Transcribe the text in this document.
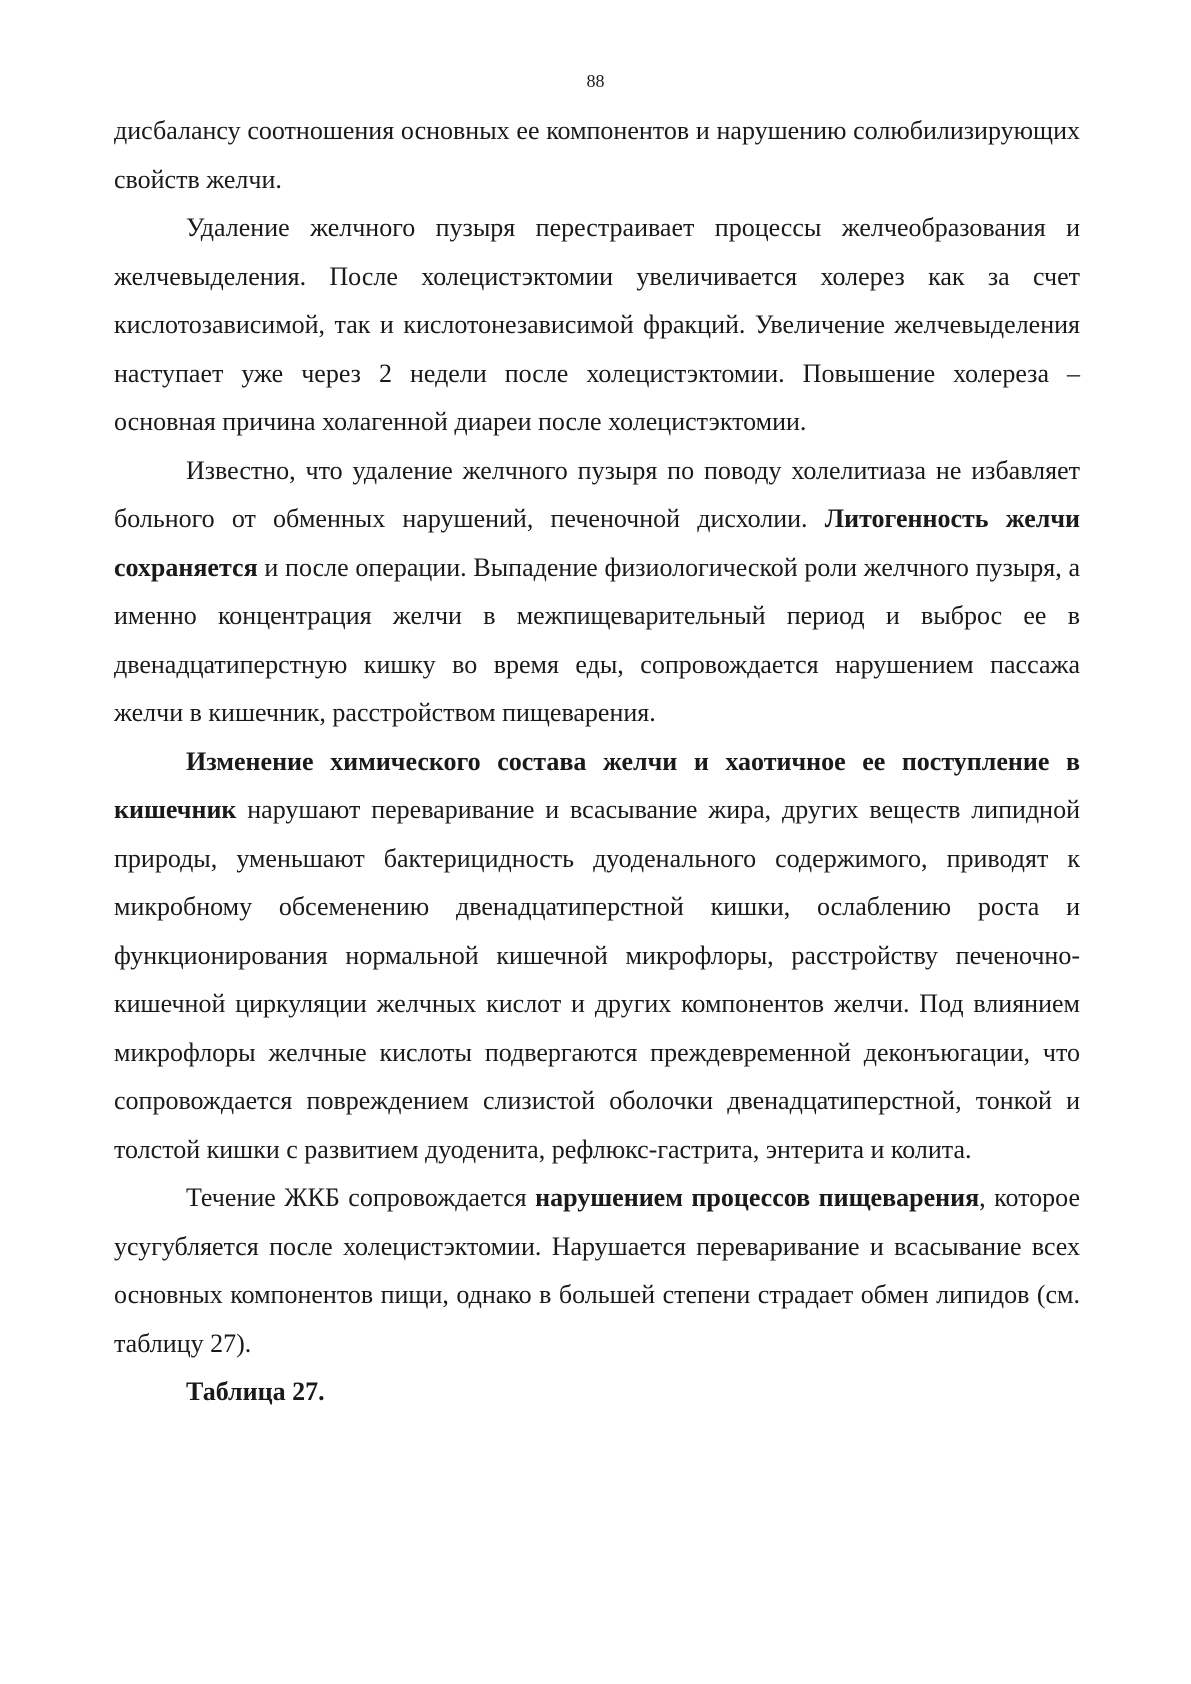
88

дисбалансу соотношения основных ее компонентов и нарушению солюбилизирующих свойств желчи.

Удаление желчного пузыря перестраивает процессы желчеобразования и желчевыделения. После холецистэктомии увеличивается холерез как за счет кислотозависимой, так и кислотонезависимой фракций. Увеличение желчевыделения наступает уже через 2 недели после холецистэктомии. Повышение холереза – основная причина холагенной диареи после холецистэктомии.

Известно, что удаление желчного пузыря по поводу холелитиаза не избавляет больного от обменных нарушений, печеночной дисхолии. Литогенность желчи сохраняется и после операции. Выпадение физиологической роли желчного пузыря, а именно концентрация желчи в межпищеварительный период и выброс ее в двенадцатиперстную кишку во время еды, сопровождается нарушением пассажа желчи в кишечник, расстройством пищеварения.

Изменение химического состава желчи и хаотичное ее поступление в кишечник нарушают переваривание и всасывание жира, других веществ липидной природы, уменьшают бактерицидность дуоденального содержимого, приводят к микробному обсеменению двенадцатиперстной кишки, ослаблению роста и функционирования нормальной кишечной микрофлоры, расстройству печеночно-кишечной циркуляции желчных кислот и других компонентов желчи. Под влиянием микрофлоры желчные кислоты подвергаются преждевременной деконъюгации, что сопровождается повреждением слизистой оболочки двенадцатиперстной, тонкой и толстой кишки с развитием дуоденита, рефлюкс-гастрита, энтерита и колита.

Течение ЖКБ сопровождается нарушением процессов пищеварения, которое усугубляется после холецистэктомии. Нарушается переваривание и всасывание всех основных компонентов пищи, однако в большей степени страдает обмен липидов (см. таблицу 27).

Таблица 27.
